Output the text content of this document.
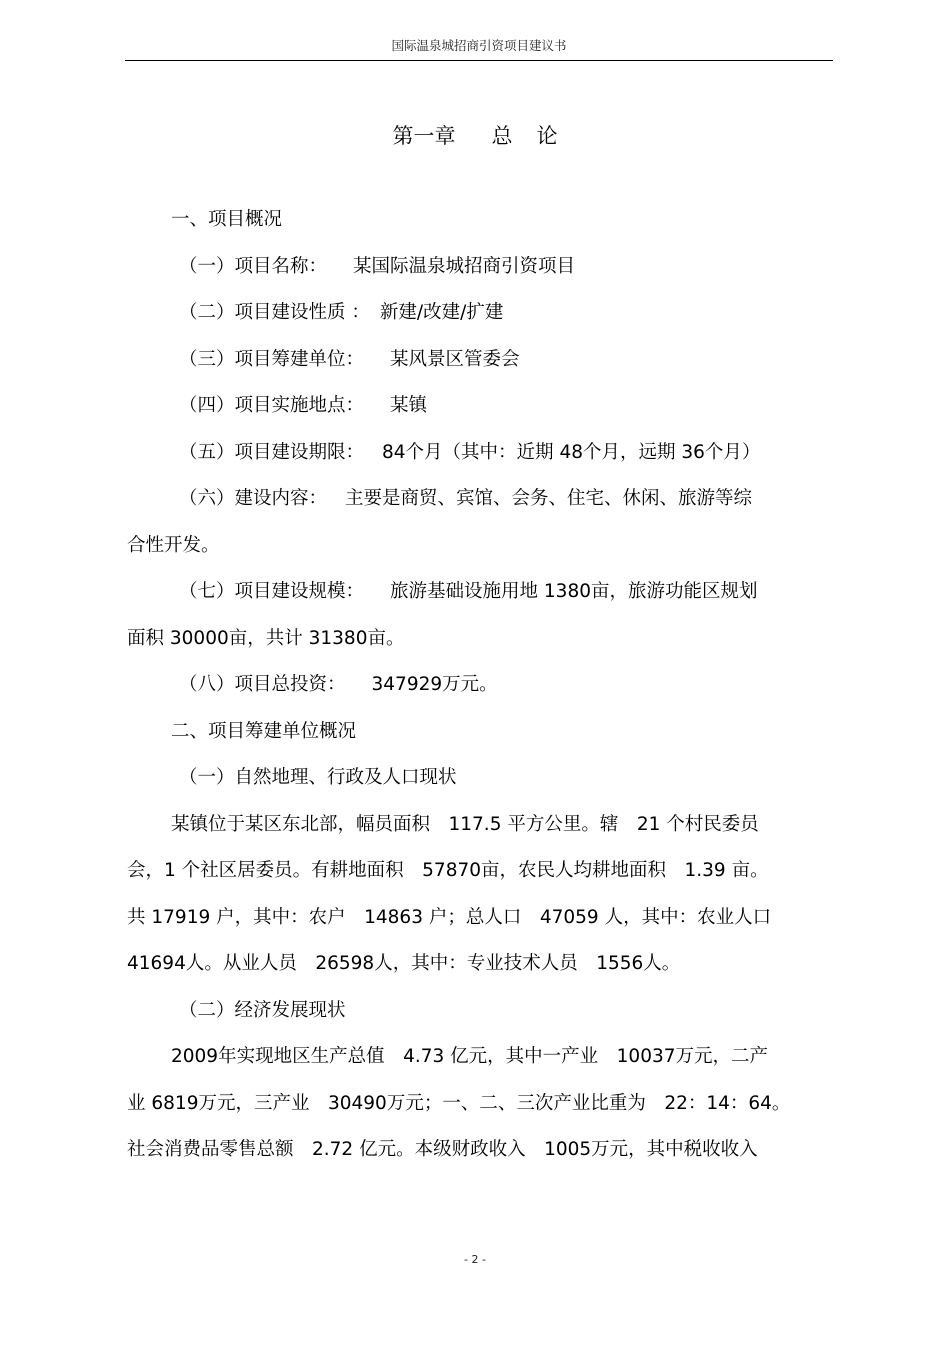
国际温泉城招商引资项目建议书
第一章 总 论
一、项目概况
（一）项目名称： 某国际温泉城招商引资项目
（二）项目建设性质 ： 新建/改建/扩建
（三）项目筹建单位： 某风景区管委会
（四）项目实施地点： 某镇
（五）项目建设期限： 84个月（其中：近期 48个月，远期 36个月）
（六）建设内容： 主要是商贸、宾馆、会务、住宅、休闲、旅游等综
合性开发。
（七）项目建设规模： 旅游基础设施用地 1380亩，旅游功能区规划
面积 30000亩，共计 31380亩。
（八）项目总投资： 347929万元。
二、项目筹建单位概况
（一）自然地理、行政及人口现状
某镇位于某区东北部，幅员面积　117.5 平方公里。辖　21 个村民委员
会，1 个社区居委员。有耕地面积　57870亩，农民人均耕地面积　1.39 亩。
共 17919 户，其中：农户　14863 户；总人口　47059 人，其中：农业人口
41694人。从业人员　26598人，其中：专业技术人员　1556人。
（二）经济发展现状
2009年实现地区生产总值　4.73 亿元，其中一产业　10037万元，二产
业 6819万元，三产业　30490万元；一、二、三次产业比重为　22：14：64。
社会消费品零售总额　2.72 亿元。本级财政收入　1005万元，其中税收收入
- 2 -
